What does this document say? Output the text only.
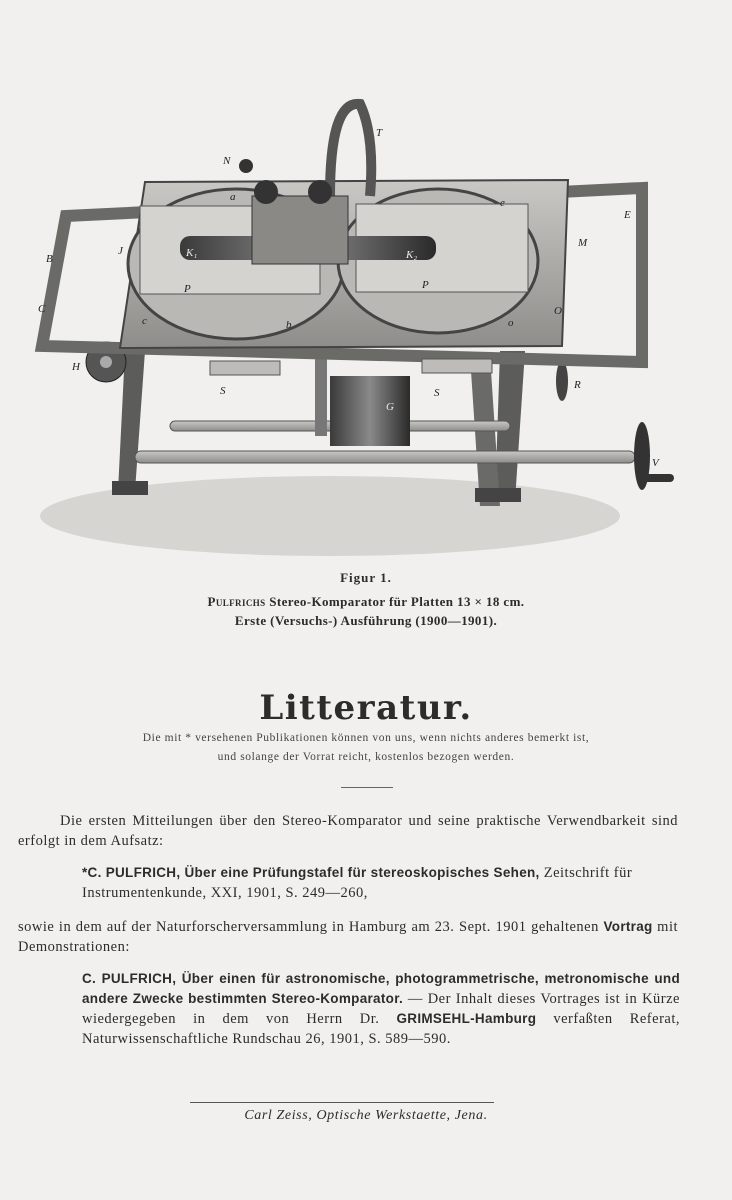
N
T
E
J
M
B	K₁	K₂
P	P
C	O
H
S	S
R
G
V
a
b	o
c
e
Figur 1.
Pulfrichs Stereo-Komparator für Platten 13 × 18 cm.
Erste (Versuchs-) Ausführung (1900—1901).
Litteratur.
Die mit * versehenen Publikationen können von uns, wenn nichts anderes bemerkt ist,
und solange der Vorrat reicht, kostenlos bezogen werden.
Die ersten Mitteilungen über den Stereo-Komparator und seine praktische Verwendbarkeit sind erfolgt in dem Aufsatz:
*C. PULFRICH, Über eine Prüfungstafel für stereoskopisches Sehen, Zeitschrift für Instrumentenkunde, XXI, 1901, S. 249—260,
sowie in dem auf der Naturforscherversammlung in Hamburg am 23. Sept. 1901 gehaltenen Vortrag mit Demonstrationen:
C. PULFRICH, Über einen für astronomische, photogrammetrische, metronomische und andere Zwecke bestimmten Stereo-Komparator. — Der Inhalt dieses Vortrages ist in Kürze wiedergegeben in dem von Herrn Dr. GRIMSEHL-Hamburg verfaßten Referat, Naturwissenschaftliche Rundschau 26, 1901, S. 589—590.
Carl Zeiss, Optische Werkstaette, Jena.
